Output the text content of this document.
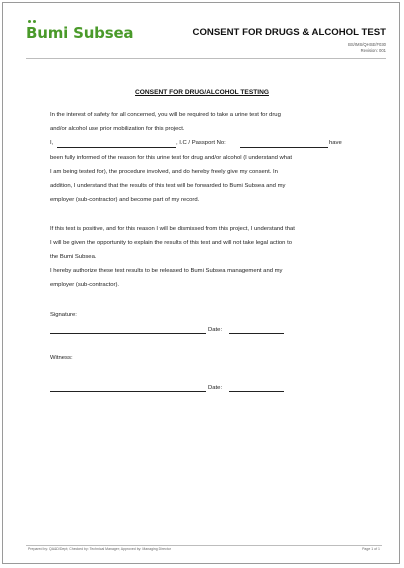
Bumi Subsea	CONSENT FOR DRUGS & ALCOHOL TEST
BS/IMS/QHSE/F030
Revision: 001
CONSENT FOR DRUG/ALCOHOL TESTING
In the interest of safety for all concerned, you will be required to take a urine test for drug
and/or alcohol use prior mobilization for this project.
I,	, I.C / Passport No:	have
been fully informed of the reason for this urine test for drug and/or alcohol (I understand what
I am being tested for), the procedure involved, and do hereby freely give my consent. In
addition, I understand that the results of this test will be forwarded to Bumi Subsea and my
employer (sub-contractor) and become part of my record.
If this test is positive, and for this reason I will be dismissed from this project, I understand that
I will be given the opportunity to explain the results of this test and will not take legal action to
the Bumi Subsea.
I hereby authorize these test results to be released to Bumi Subsea management and my
employer (sub-contractor).
Signature:
Date:
Witness:
Date:
Prepared by: QA&D/Dept; Checked by: Technical Manager; Approved by: Managing Director	Page 1 of 1
